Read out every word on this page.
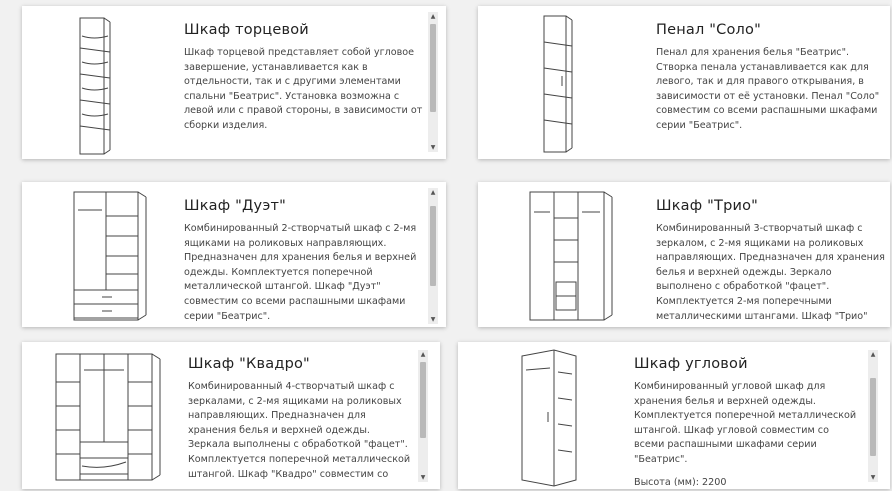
Шкаф торцевой

Шкаф торцевой представляет собой угловое завершение, устанавливается как в отдельности, так и с другими элементами спальни "Беатрис". Установка возможна с левой или с правой стороны, в зависимости от сборки изделия.

▲
▼
Пенал "Соло"

Пенал для хранения белья "Беатрис". Створка пенала устанавливается как для левого, так и для правого открывания, в зависимости от её установки. Пенал "Соло" совместим со всеми распашными шкафами серии "Беатрис".

Шкаф "Дуэт"

Комбинированный 2-створчатый шкаф с 2-мя ящиками на роликовых направляющих. Предназначен для хранения белья и верхней одежды. Комплектуется поперечной металлической штангой. Шкаф "Дуэт" совместим со всеми распашными шкафами серии "Беатрис".

▲
▼
Шкаф "Трио"

Комбинированный 3-створчатый шкаф с зеркалом, с 2-мя ящиками на роликовых направляющих. Предназначен для хранения белья и верхней одежды. Зеркало выполнено с обработкой "фацет". Комплектуется 2-мя поперечными металлическими штангами. Шкаф "Трио"

Шкаф "Квадро"

Комбинированный 4-створчатый шкаф с зеркалами, с 2-мя ящиками на роликовых направляющих. Предназначен для хранения белья и верхней одежды. Зеркала выполнены с обработкой "фацет". Комплектуется поперечной металлической штангой. Шкаф "Квадро" совместим со

▲
▼
Шкаф угловой

Комбинированный угловой шкаф для хранения белья и верхней одежды. Комплектуется поперечной металлической штангой. Шкаф угловой совместим со всеми распашными шкафами серии "Беатрис".

Высота (мм): 2200

▲
▼
